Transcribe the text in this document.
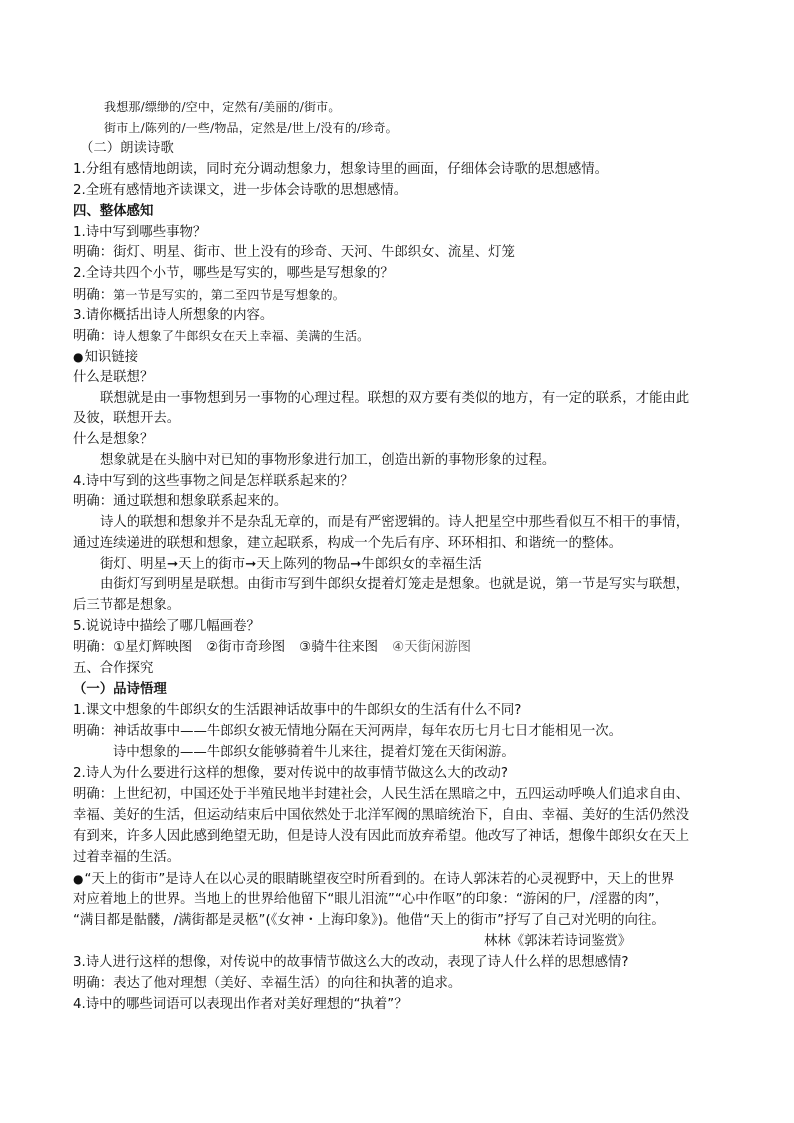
我想那/缥缈的/空中，定然有/美丽的/街市。
街市上/陈列的/一些/物品，定然是/世上/没有的/珍奇。
（二）朗读诗歌
1.分组有感情地朗读，同时充分调动想象力，想象诗里的画面，仔细体会诗歌的思想感情。
2.全班有感情地齐读课文，进一步体会诗歌的思想感情。
四、整体感知
1.诗中写到哪些事物？
明确：街灯、明星、街市、世上没有的珍奇、天河、牛郎织女、流星、灯笼
2.全诗共四个小节，哪些是写实的，哪些是写想象的？
明确：第一节是写实的，第二至四节是写想象的。
3.请你概括出诗人所想象的内容。
明确：诗人想象了牛郎织女在天上幸福、美满的生活。
●知识链接
什么是联想？
联想就是由一事物想到另一事物的心理过程。联想的双方要有类似的地方，有一定的联系，才能由此
及彼，联想开去。
什么是想象？
想象就是在头脑中对已知的事物形象进行加工，创造出新的事物形象的过程。
4.诗中写到的这些事物之间是怎样联系起来的？
明确：通过联想和想象联系起来的。
诗人的联想和想象并不是杂乱无章的，而是有严密逻辑的。诗人把星空中那些看似互不相干的事情，
通过连续递进的联想和想象，建立起联系，构成一个先后有序、环环相扣、和谐统一的整体。
街灯、明星➞天上的街市➞天上陈列的物品➞牛郎织女的幸福生活
由街灯写到明星是联想。由街市写到牛郎织女提着灯笼走是想象。也就是说，第一节是写实与联想，
后三节都是想象。
5.说说诗中描绘了哪几幅画卷？
明确：①星灯辉映图 ②街市奇珍图 ③骑牛往来图 ④天街闲游图
五、合作探究
（一）品诗悟理
1.课文中想象的牛郎织女的生活跟神话故事中的牛郎织女的生活有什么不同?
明确：神话故事中——牛郎织女被无情地分隔在天河两岸，每年农历七月七日才能相见一次。
诗中想象的——牛郎织女能够骑着牛儿来往，提着灯笼在天街闲游。
2.诗人为什么要进行这样的想像，要对传说中的故事情节做这么大的改动?
明确：上世纪初，中国还处于半殖民地半封建社会，人民生活在黑暗之中，五四运动呼唤人们追求自由、
幸福、美好的生活，但运动结束后中国依然处于北洋军阀的黑暗统治下，自由、幸福、美好的生活仍然没
有到来，许多人因此感到绝望无助，但是诗人没有因此而放弃希望。他改写了神话，想像牛郎织女在天上
过着幸福的生活。
●“天上的街市”是诗人在以心灵的眼睛眺望夜空时所看到的。在诗人郭沫若的心灵视野中，天上的世界
对应着地上的世界。当地上的世界给他留下“眼儿泪流”“心中作呕”的印象：“游闲的尸，/淫嚣的肉”，
“满目都是骷髅，/满街都是灵柩”(《女神・上海印象》)。他借“天上的街市”抒写了自己对光明的向往。
林林《郭沫若诗词鉴赏》
3.诗人进行这样的想像，对传说中的故事情节做这么大的改动，表现了诗人什么样的思想感情?
明确：表达了他对理想（美好、幸福生活）的向往和执著的追求。
4.诗中的哪些词语可以表现出作者对美好理想的“执着”？
